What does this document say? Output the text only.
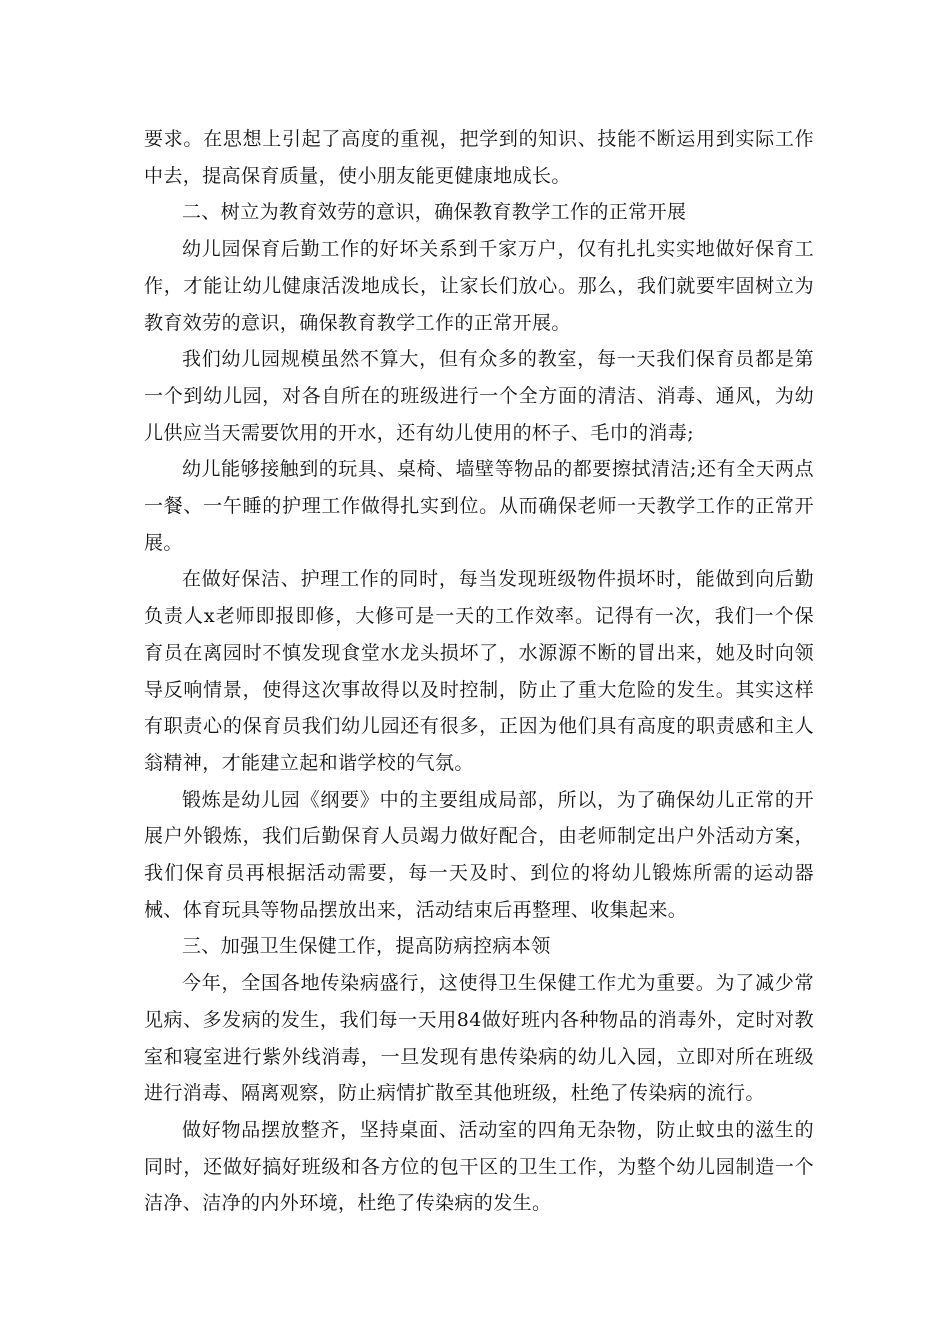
要求。在思想上引起了高度的重视，把学到的知识、技能不断运用到实际工作中去，提高保育质量，使小朋友能更健康地成长。

二、树立为教育效劳的意识，确保教育教学工作的正常开展

幼儿园保育后勤工作的好坏关系到千家万户，仅有扎扎实实地做好保育工作，才能让幼儿健康活泼地成长，让家长们放心。那么，我们就要牢固树立为教育效劳的意识，确保教育教学工作的正常开展。

我们幼儿园规模虽然不算大，但有众多的教室，每一天我们保育员都是第一个到幼儿园，对各自所在的班级进行一个全方面的清洁、消毒、通风，为幼儿供应当天需要饮用的开水，还有幼儿使用的杯子、毛巾的消毒;

幼儿能够接触到的玩具、桌椅、墙壁等物品的都要擦拭清洁;还有全天两点一餐、一午睡的护理工作做得扎实到位。从而确保老师一天教学工作的正常开展。

在做好保洁、护理工作的同时，每当发现班级物件损坏时，能做到向后勤负责人x老师即报即修，大修可是一天的工作效率。记得有一次，我们一个保育员在离园时不慎发现食堂水龙头损坏了，水源源不断的冒出来，她及时向领导反响情景，使得这次事故得以及时控制，防止了重大危险的发生。其实这样有职责心的保育员我们幼儿园还有很多，正因为他们具有高度的职责感和主人翁精神，才能建立起和谐学校的气氛。

锻炼是幼儿园《纲要》中的主要组成局部，所以，为了确保幼儿正常的开展户外锻炼，我们后勤保育人员竭力做好配合，由老师制定出户外活动方案，我们保育员再根据活动需要，每一天及时、到位的将幼儿锻炼所需的运动器械、体育玩具等物品摆放出来，活动结束后再整理、收集起来。

三、加强卫生保健工作，提高防病控病本领

今年，全国各地传染病盛行，这使得卫生保健工作尤为重要。为了减少常见病、多发病的发生，我们每一天用84做好班内各种物品的消毒外，定时对教室和寝室进行紫外线消毒，一旦发现有患传染病的幼儿入园，立即对所在班级进行消毒、隔离观察，防止病情扩散至其他班级，杜绝了传染病的流行。

做好物品摆放整齐，坚持桌面、活动室的四角无杂物，防止蚊虫的滋生的同时，还做好搞好班级和各方位的包干区的卫生工作，为整个幼儿园制造一个洁净、洁净的内外环境，杜绝了传染病的发生。
